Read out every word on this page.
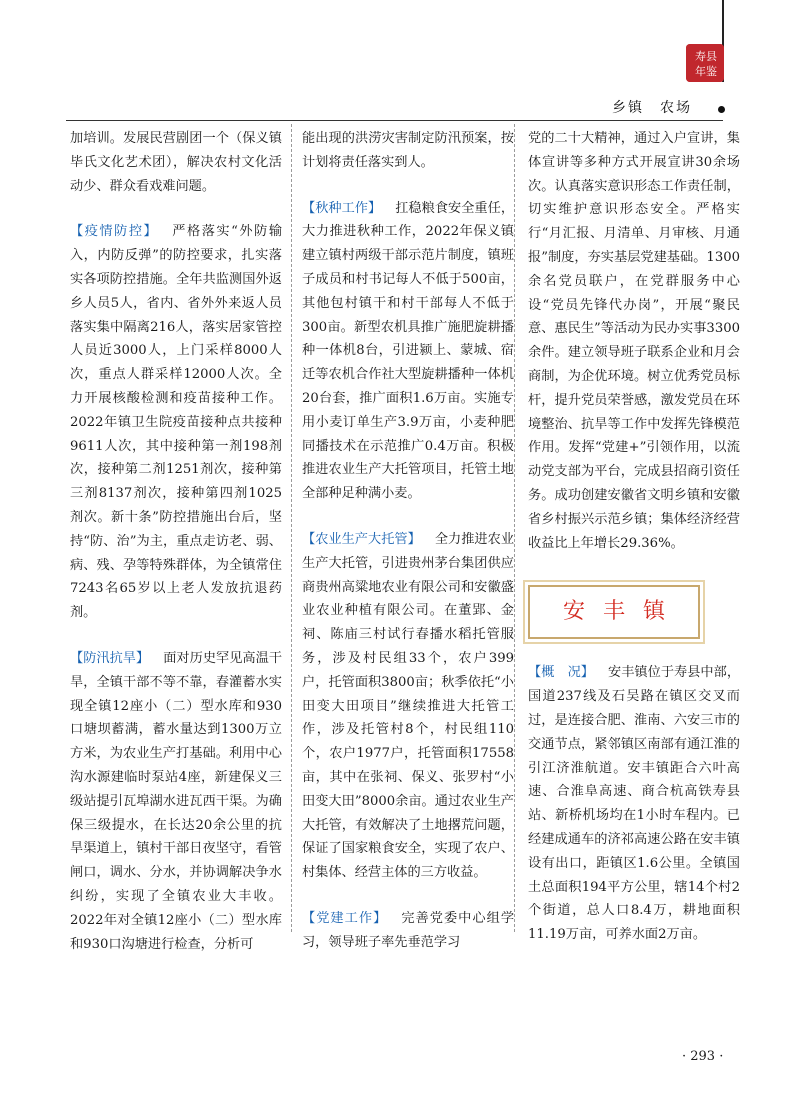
寿 县
年 鉴
乡镇　农场

加培训。发展民营剧团一个（保义镇毕氏文化艺术团），解决农村文化活动少、群众看戏难问题。

【疫情防控】 严格落实“外防输入，内防反弹”的防控要求，扎实落实各项防控措施。全年共监测国外返乡人员5人，省内、省外外来返人员落实集中隔离216人，落实居家管控人员近3000人，上门采样8000人次，重点人群采样12000人次。全力开展核酸检测和疫苗接种工作。2022年镇卫生院疫苗接种点共接种9611人次，其中接种第一剂198剂次，接种第二剂1251剂次，接种第三剂8137剂次，接种第四剂1025剂次。新十条”防控措施出台后，坚持“防、治”为主，重点走访老、弱、病、残、孕等特殊群体，为全镇常住7243名65岁以上老人发放抗退药剂。

【防汛抗旱】 面对历史罕见高温干旱，全镇干部不等不靠，春灌蓄水实现全镇12座小（二）型水库和930口塘坝蓄满，蓄水量达到1300万立方米，为农业生产打基础。利用中心沟水源建临时泵站4座，新建保义三级站提引瓦埠湖水进瓦西干渠。为确保三级提水，在长达20余公里的抗旱渠道上，镇村干部日夜坚守，看管闸口，调水、分水，并协调解决争水纠纷，实现了全镇农业大丰收。2022年对全镇12座小（二）型水库和930口沟塘进行检查，分析可

能出现的洪涝灾害制定防汛预案，按计划将责任落实到人。

【秋种工作】 扛稳粮食安全重任，大力推进秋种工作，2022年保义镇建立镇村两级干部示范片制度，镇班子成员和村书记每人不低于500亩，其他包村镇干和村干部每人不低于300亩。新型农机具推广施肥旋耕播种一体机8台，引进颍上、蒙城、宿迁等农机合作社大型旋耕播种一体机20台套，推广面积1.6万亩。实施专用小麦订单生产3.9万亩，小麦种肥同播技术在示范推广0.4万亩。积极推进农业生产大托管项目，托管土地全部种足种满小麦。

【农业生产大托管】 全力推进农业生产大托管，引进贵州茅台集团供应商贵州高粱地农业有限公司和安徽盛业农业种植有限公司。在董郢、金祠、陈庙三村试行春播水稻托管服务，涉及村民组33个，农户399户，托管面积3800亩；秋季依托“小田变大田项目”继续推进大托管工作，涉及托管村8个，村民组110个，农户1977户，托管面积17558亩，其中在张祠、保义、张罗村“小田变大田”8000余亩。通过农业生产大托管，有效解决了土地撂荒问题，保证了国家粮食安全，实现了农户、村集体、经营主体的三方收益。

【党建工作】 完善党委中心组学习，领导班子率先垂范学习

党的二十大精神，通过入户宣讲，集体宣讲等多种方式开展宣讲30余场次。认真落实意识形态工作责任制，切实维护意识形态安全。严格实行“月汇报、月清单、月审核、月通报”制度，夯实基层党建基础。1300余名党员联户，在党群服务中心设“党员先锋代办岗”，开展“聚民意、惠民生”等活动为民办实事3300余件。建立领导班子联系企业和月会商制，为企优环境。树立优秀党员标杆，提升党员荣誉感，激发党员在环境整治、抗旱等工作中发挥先锋模范作用。发挥“党建+”引领作用，以流动党支部为平台，完成县招商引资任务。成功创建安徽省文明乡镇和安徽省乡村振兴示范乡镇；集体经济经营收益比上年增长29.36%。

安丰镇

【概　况】 安丰镇位于寿县中部，国道237线及石吴路在镇区交叉而过，是连接合肥、淮南、六安三市的交通节点，紧邻镇区南部有通江淮的引江济淮航道。安丰镇距合六叶高速、合淮阜高速、商合杭高铁寿县站、新桥机场均在1小时车程内。已经建成通车的济祁高速公路在安丰镇设有出口，距镇区1.6公里。全镇国土总面积194平方公里，辖14个村2个街道，总人口8.4万，耕地面积11.19万亩，可养水面2万亩。

· 293 ·
